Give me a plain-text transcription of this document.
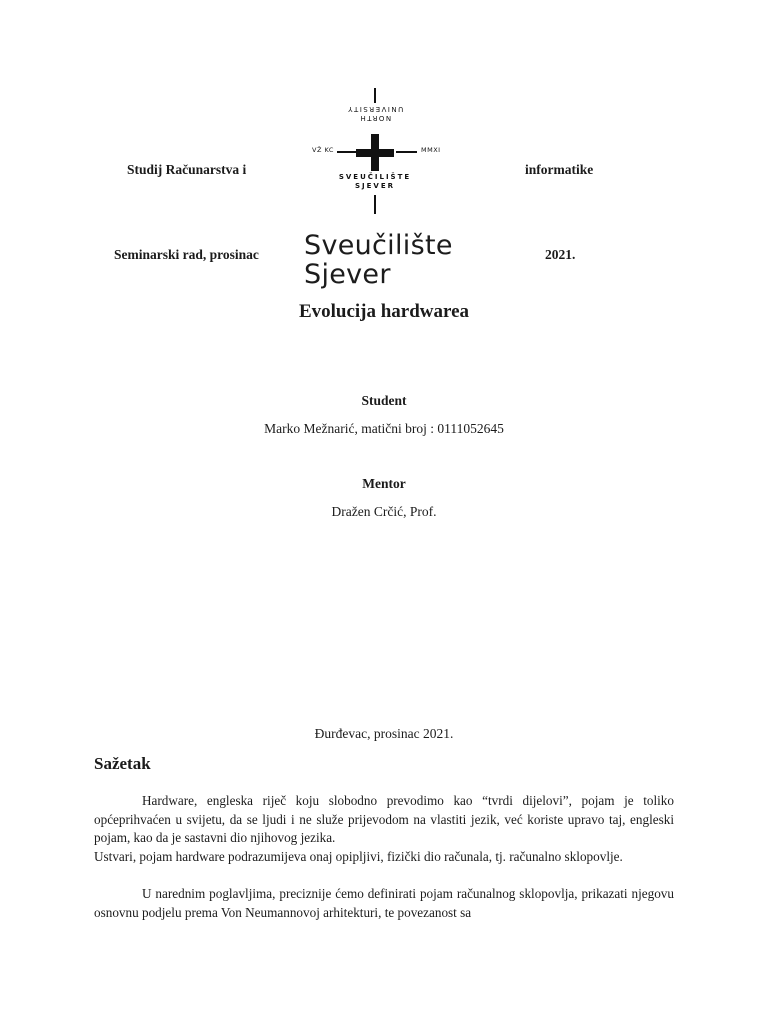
UNIVERSITY
NORTH
VŽ KC	MMXI
SVEUČILIŠTE
SJEVER
Sveučilište
Sjever
Studij Računarstva i	informatike
Seminarski rad, prosinac	2021.
Evolucija hardwarea
Student
Marko Mežnarić, matični broj : 0111052645
Mentor
Dražen Crčić, Prof.
Đurđevac, prosinac 2021.
Sažetak

Hardware, engleska riječ koju slobodno prevodimo kao “tvrdi dijelovi”, pojam je toliko općeprihvaćen u svijetu, da se ljudi i ne služe prijevodom na vlastiti jezik, već koriste upravo taj, engleski pojam, kao da je sastavni dio njihovog jezika.

Ustvari, pojam hardware podrazumijeva onaj opipljivi, fizički dio računala, tj. računalno sklopovlje.

U narednim poglavljima, preciznije ćemo definirati pojam računalnog sklopovlja, prikazati njegovu osnovnu podjelu prema Von Neumannovoj arhitekturi, te povezanost sa
